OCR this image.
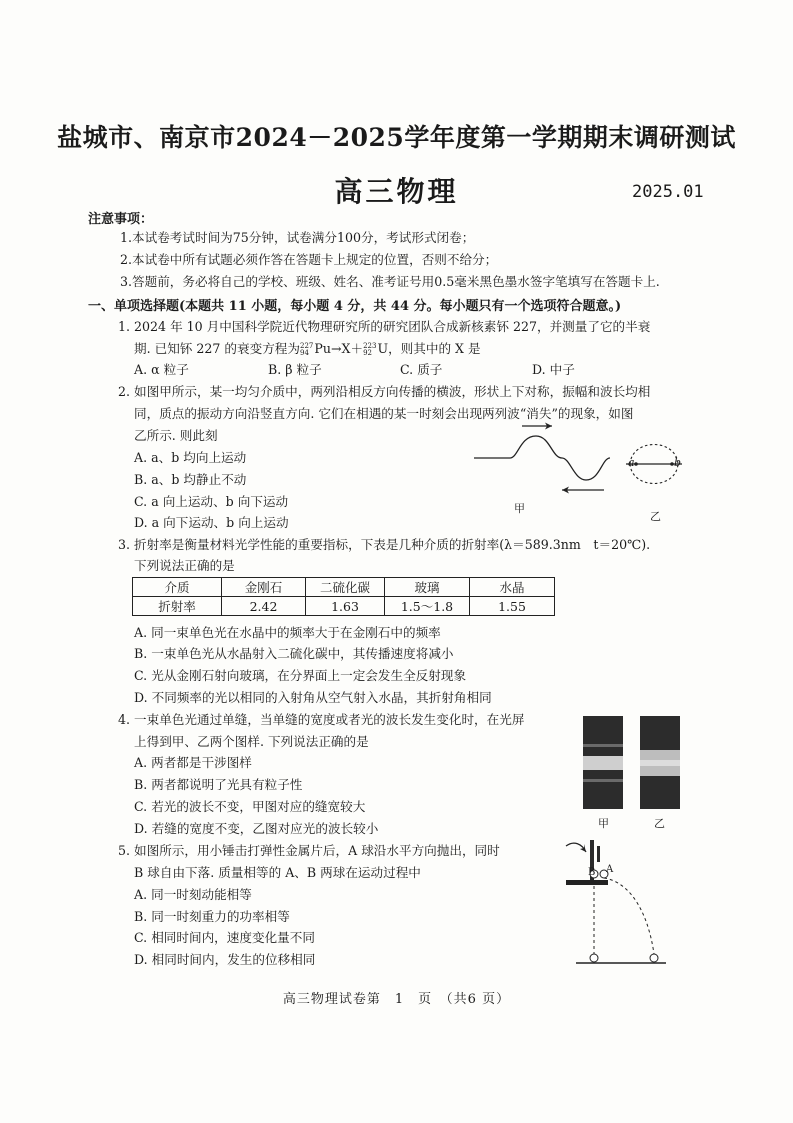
盐城市、南京市2024－2025学年度第一学期期末调研测试
高三物理	2025.01
注意事项：
1.本试卷考试时间为75分钟，试卷满分100分，考试形式闭卷；
2.本试卷中所有试题必须作答在答题卡上规定的位置，否则不给分；
3.答题前，务必将自己的学校、班级、姓名、准考证号用0.5毫米黑色墨水签字笔填写在答题卡上.
一、单项选择题(本题共 11 小题，每小题 4 分，共 44 分。每小题只有一个选项符合题意。)
1. 2024 年 10 月中国科学院近代物理研究所的研究团队合成新核素钚 227，并测量了它的半衰
期. 已知钚 227 的衰变方程为 227
94 Pu→X＋ 223
92 U，则其中的 X 是
A. α 粒子	B. β 粒子	C. 质子	D. 中子
2. 如图甲所示，某一均匀介质中，两列沿相反方向传播的横波，形状上下对称，振幅和波长均相
同，质点的振动方向沿竖直方向. 它们在相遇的某一时刻会出现两列波“消失”的现象，如图
乙所示. 则此刻
A. a、b 均向上运动
B. a、b 均静止不动
C. a 向上运动、b 向下运动
D. a 向下运动、b 向上运动
甲
a	b
乙
3. 折射率是衡量材料光学性能的重要指标，下表是几种介质的折射率(λ＝589.3nm　t＝20℃).
下列说法正确的是
介质	金刚石	二硫化碳	玻璃	水晶
折射率	2.42	1.63	1.5～1.8	1.55
A. 同一束单色光在水晶中的频率大于在金刚石中的频率
B. 一束单色光从水晶射入二硫化碳中，其传播速度将减小
C. 光从金刚石射向玻璃，在分界面上一定会发生全反射现象
D. 不同频率的光以相同的入射角从空气射入水晶，其折射角相同
4. 一束单色光通过单缝，当单缝的宽度或者光的波长发生变化时，在光屏
上得到甲、乙两个图样. 下列说法正确的是
A. 两者都是干涉图样
B. 两者都说明了光具有粒子性
C. 若光的波长不变，甲图对应的缝宽较大
D. 若缝的宽度不变，乙图对应光的波长较小	甲	乙
5. 如图所示，用小锤击打弹性金属片后，A 球沿水平方向抛出，同时
B 球自由下落. 质量相等的 A、B 两球在运动过程中
A. 同一时刻动能相等
B. 同一时刻重力的功率相等
C. 相同时间内，速度变化量不同
D. 相同时间内，发生的位移相同
B A
高三物理试卷第　1　页　（共6 页）
